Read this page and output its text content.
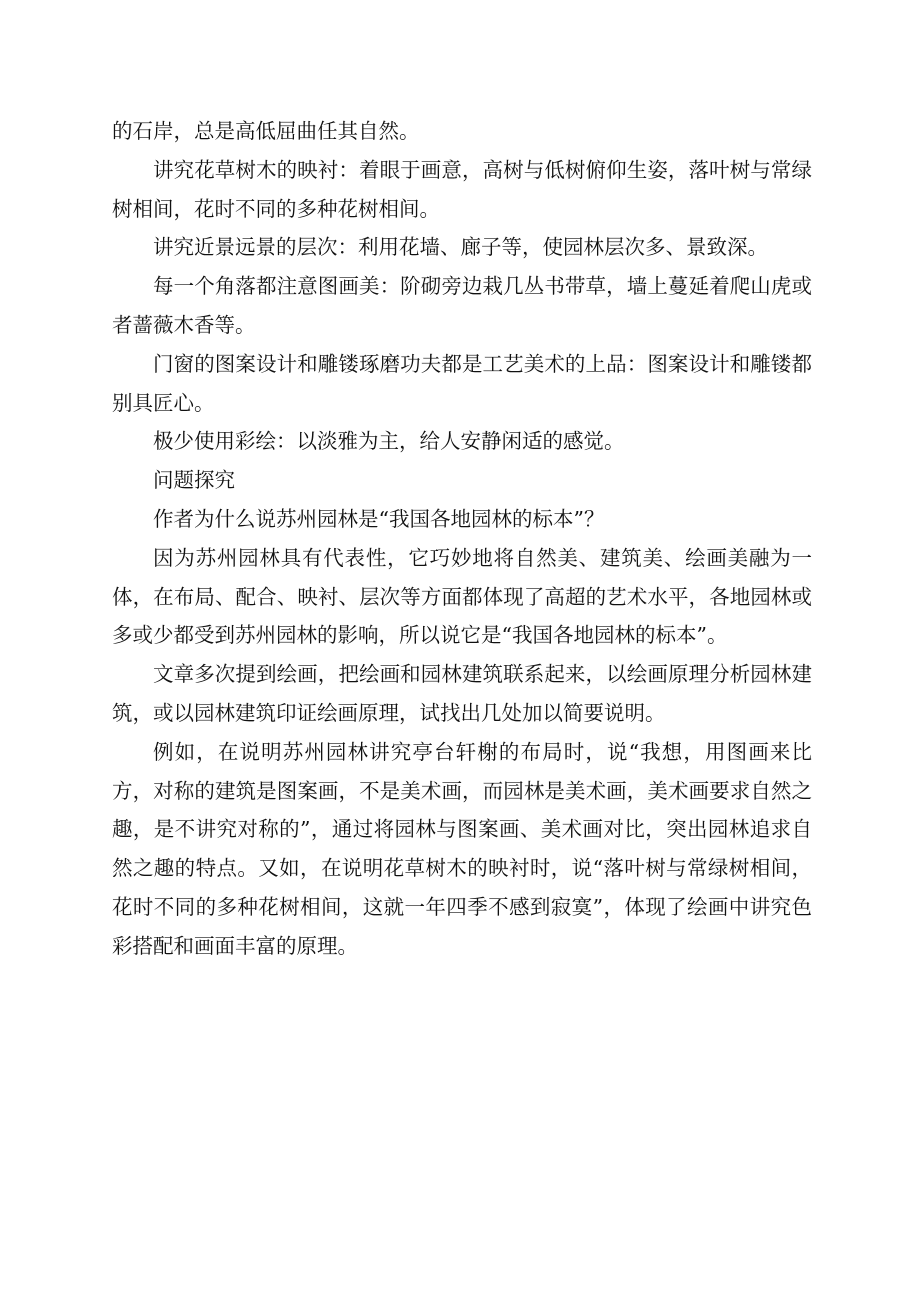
的石岸，总是高低屈曲任其自然。

讲究花草树木的映衬：着眼于画意，高树与低树俯仰生姿，落叶树与常绿树相间，花时不同的多种花树相间。

讲究近景远景的层次：利用花墙、廊子等，使园林层次多、景致深。

每一个角落都注意图画美：阶砌旁边栽几丛书带草，墙上蔓延着爬山虎或者蔷薇木香等。

门窗的图案设计和雕镂琢磨功夫都是工艺美术的上品：图案设计和雕镂都别具匠心。

极少使用彩绘：以淡雅为主，给人安静闲适的感觉。

问题探究

作者为什么说苏州园林是“我国各地园林的标本”？

因为苏州园林具有代表性，它巧妙地将自然美、建筑美、绘画美融为一体，在布局、配合、映衬、层次等方面都体现了高超的艺术水平，各地园林或多或少都受到苏州园林的影响，所以说它是“我国各地园林的标本”。

文章多次提到绘画，把绘画和园林建筑联系起来，以绘画原理分析园林建筑，或以园林建筑印证绘画原理，试找出几处加以简要说明。

例如，在说明苏州园林讲究亭台轩榭的布局时，说“我想，用图画来比方，对称的建筑是图案画，不是美术画，而园林是美术画，美术画要求自然之趣，是不讲究对称的”，通过将园林与图案画、美术画对比，突出园林追求自然之趣的特点。又如，在说明花草树木的映衬时，说“落叶树与常绿树相间，花时不同的多种花树相间，这就一年四季不感到寂寞”，体现了绘画中讲究色彩搭配和画面丰富的原理。
